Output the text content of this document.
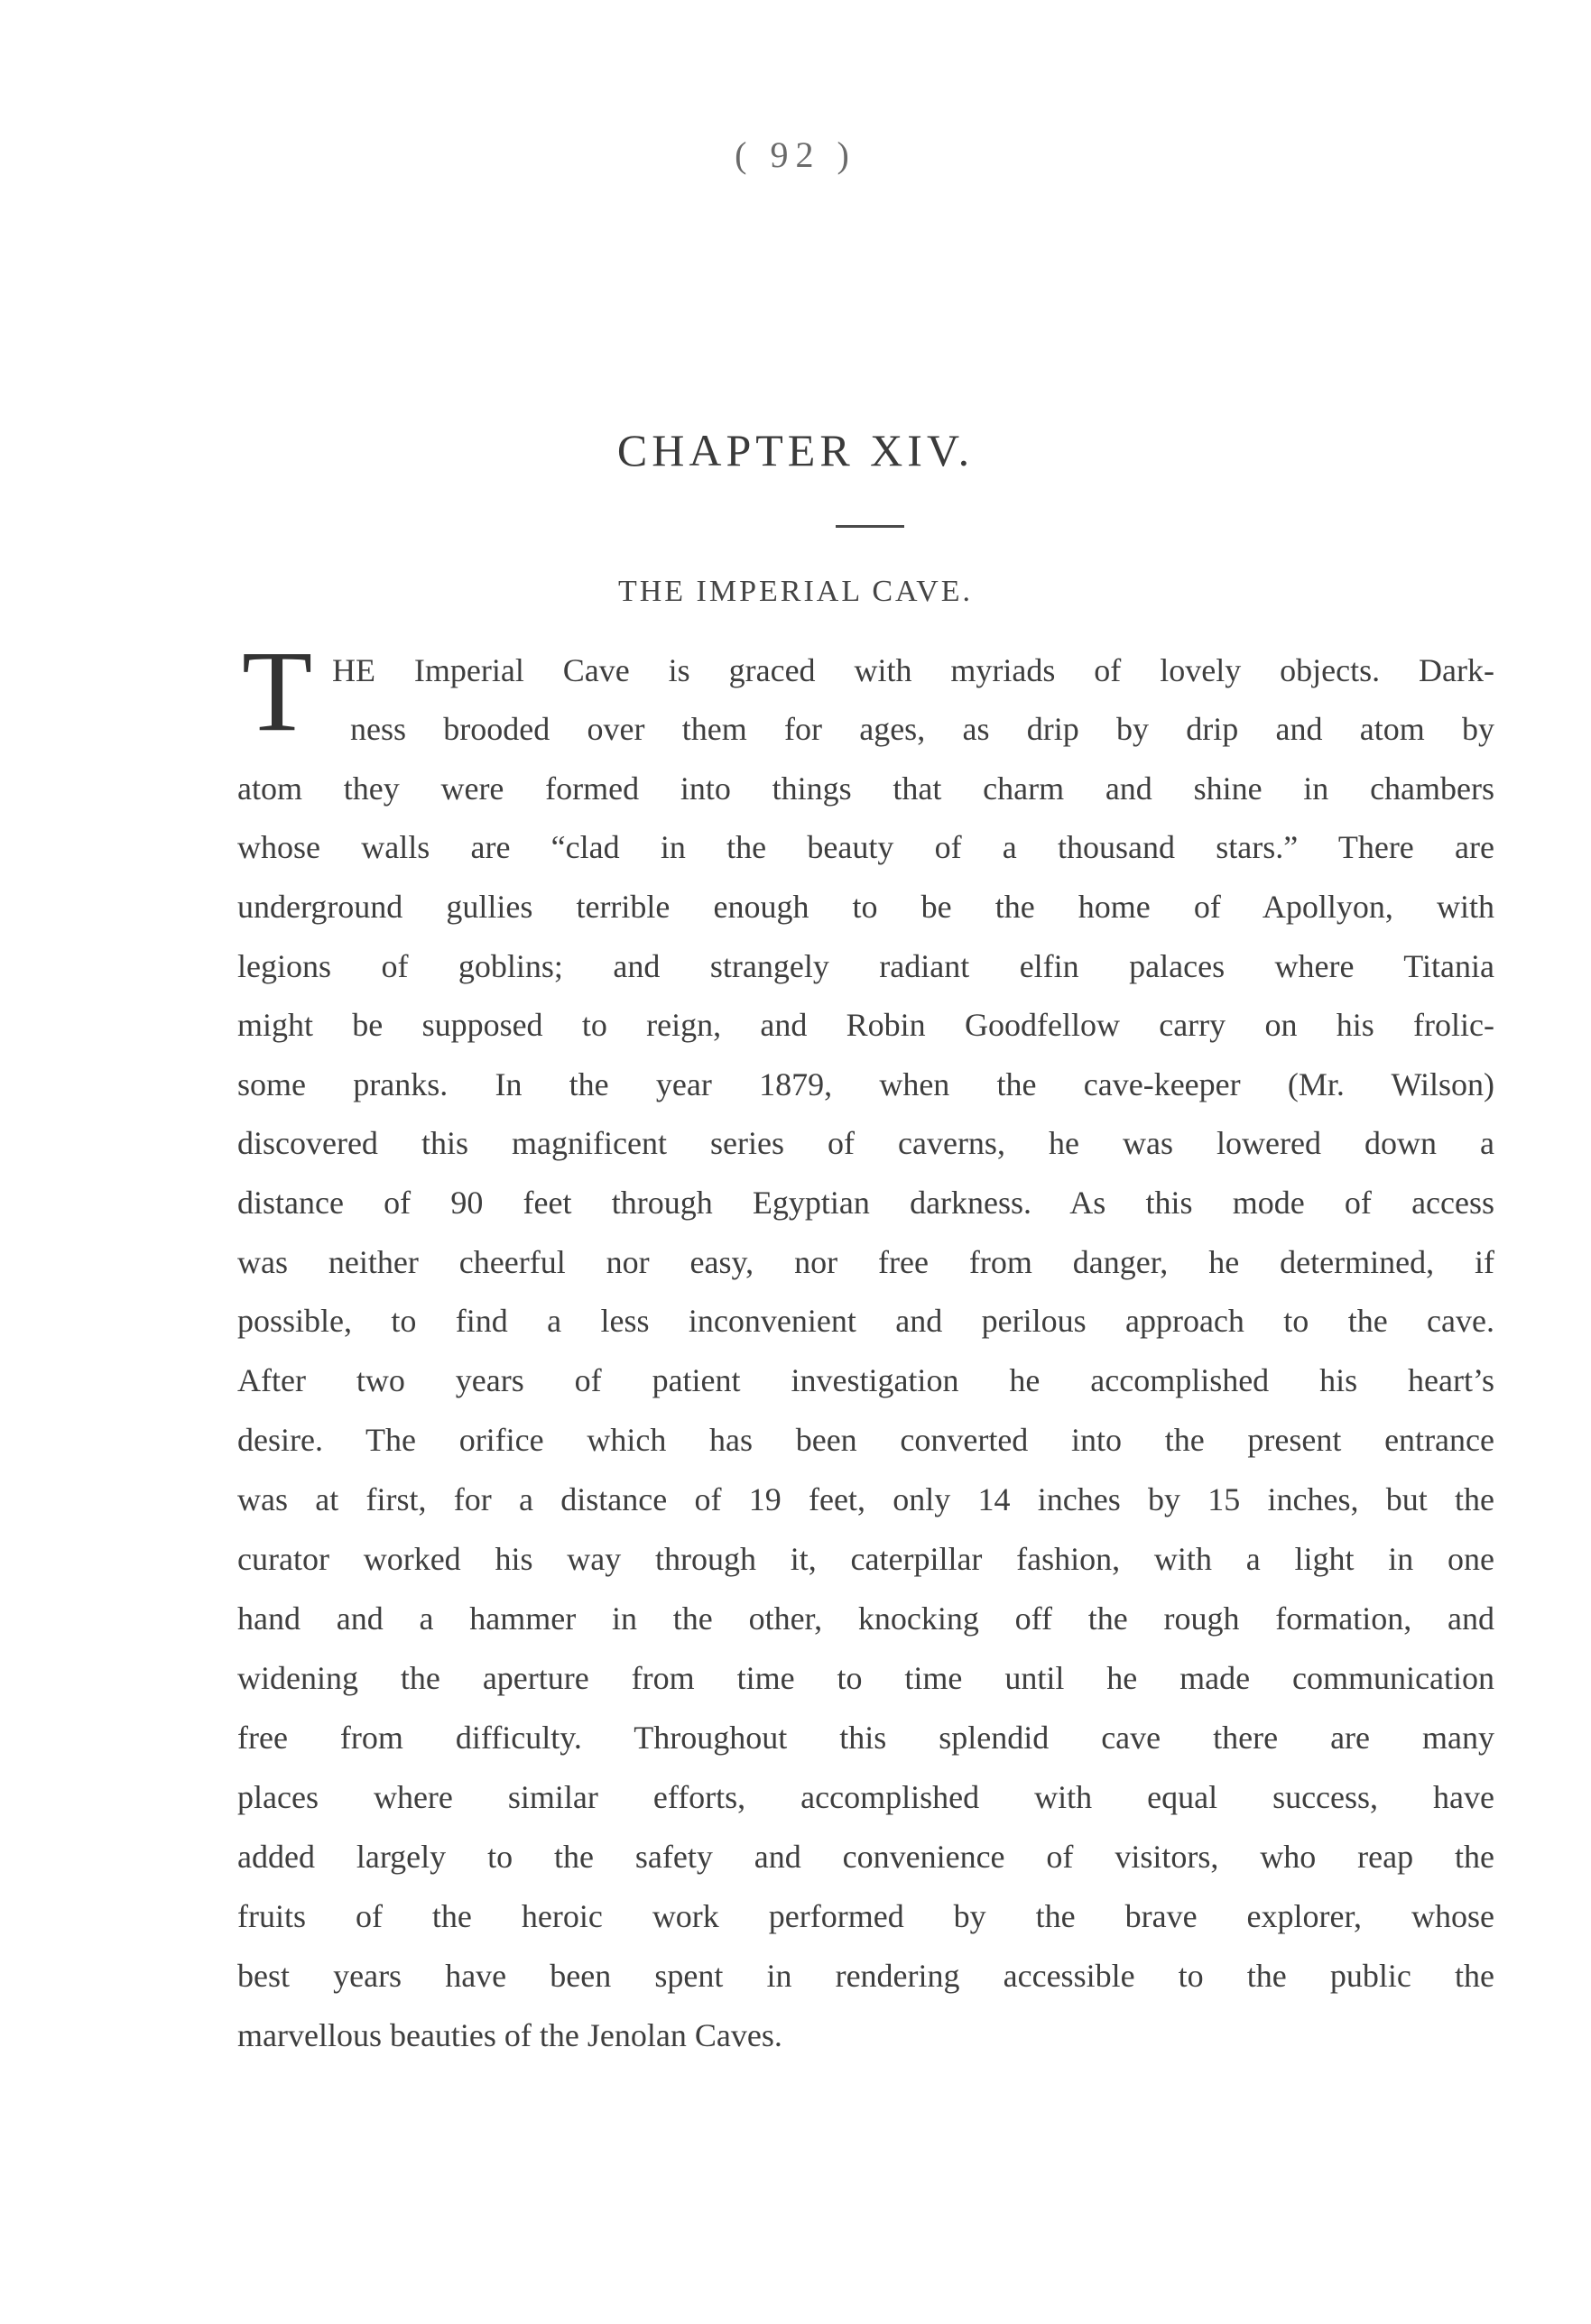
( 92 )
CHAPTER XIV.
THE IMPERIAL CAVE.
T HE Imperial Cave is graced with myriads of lovely objects. Dark-
ness brooded over them for ages, as drip by drip and atom by
atom they were formed into things that charm and shine in chambers
whose walls are “clad in the beauty of a thousand stars.” There are
underground gullies terrible enough to be the home of Apollyon, with
legions of goblins; and strangely radiant elfin palaces where Titania
might be supposed to reign, and Robin Goodfellow carry on his frolic-
some pranks. In the year 1879, when the cave-keeper (Mr. Wilson)
discovered this magnificent series of caverns, he was lowered down a
distance of 90 feet through Egyptian darkness. As this mode of access
was neither cheerful nor easy, nor free from danger, he determined, if
possible, to find a less inconvenient and perilous approach to the cave.
After two years of patient investigation he accomplished his heart’s
desire. The orifice which has been converted into the present entrance
was at first, for a distance of 19 feet, only 14 inches by 15 inches, but the
curator worked his way through it, caterpillar fashion, with a light in one
hand and a hammer in the other, knocking off the rough formation, and
widening the aperture from time to time until he made communication
free from difficulty. Throughout this splendid cave there are many
places where similar efforts, accomplished with equal success, have
added largely to the safety and convenience of visitors, who reap the
fruits of the heroic work performed by the brave explorer, whose
best years have been spent in rendering accessible to the public the
marvellous beauties of the Jenolan Caves.
